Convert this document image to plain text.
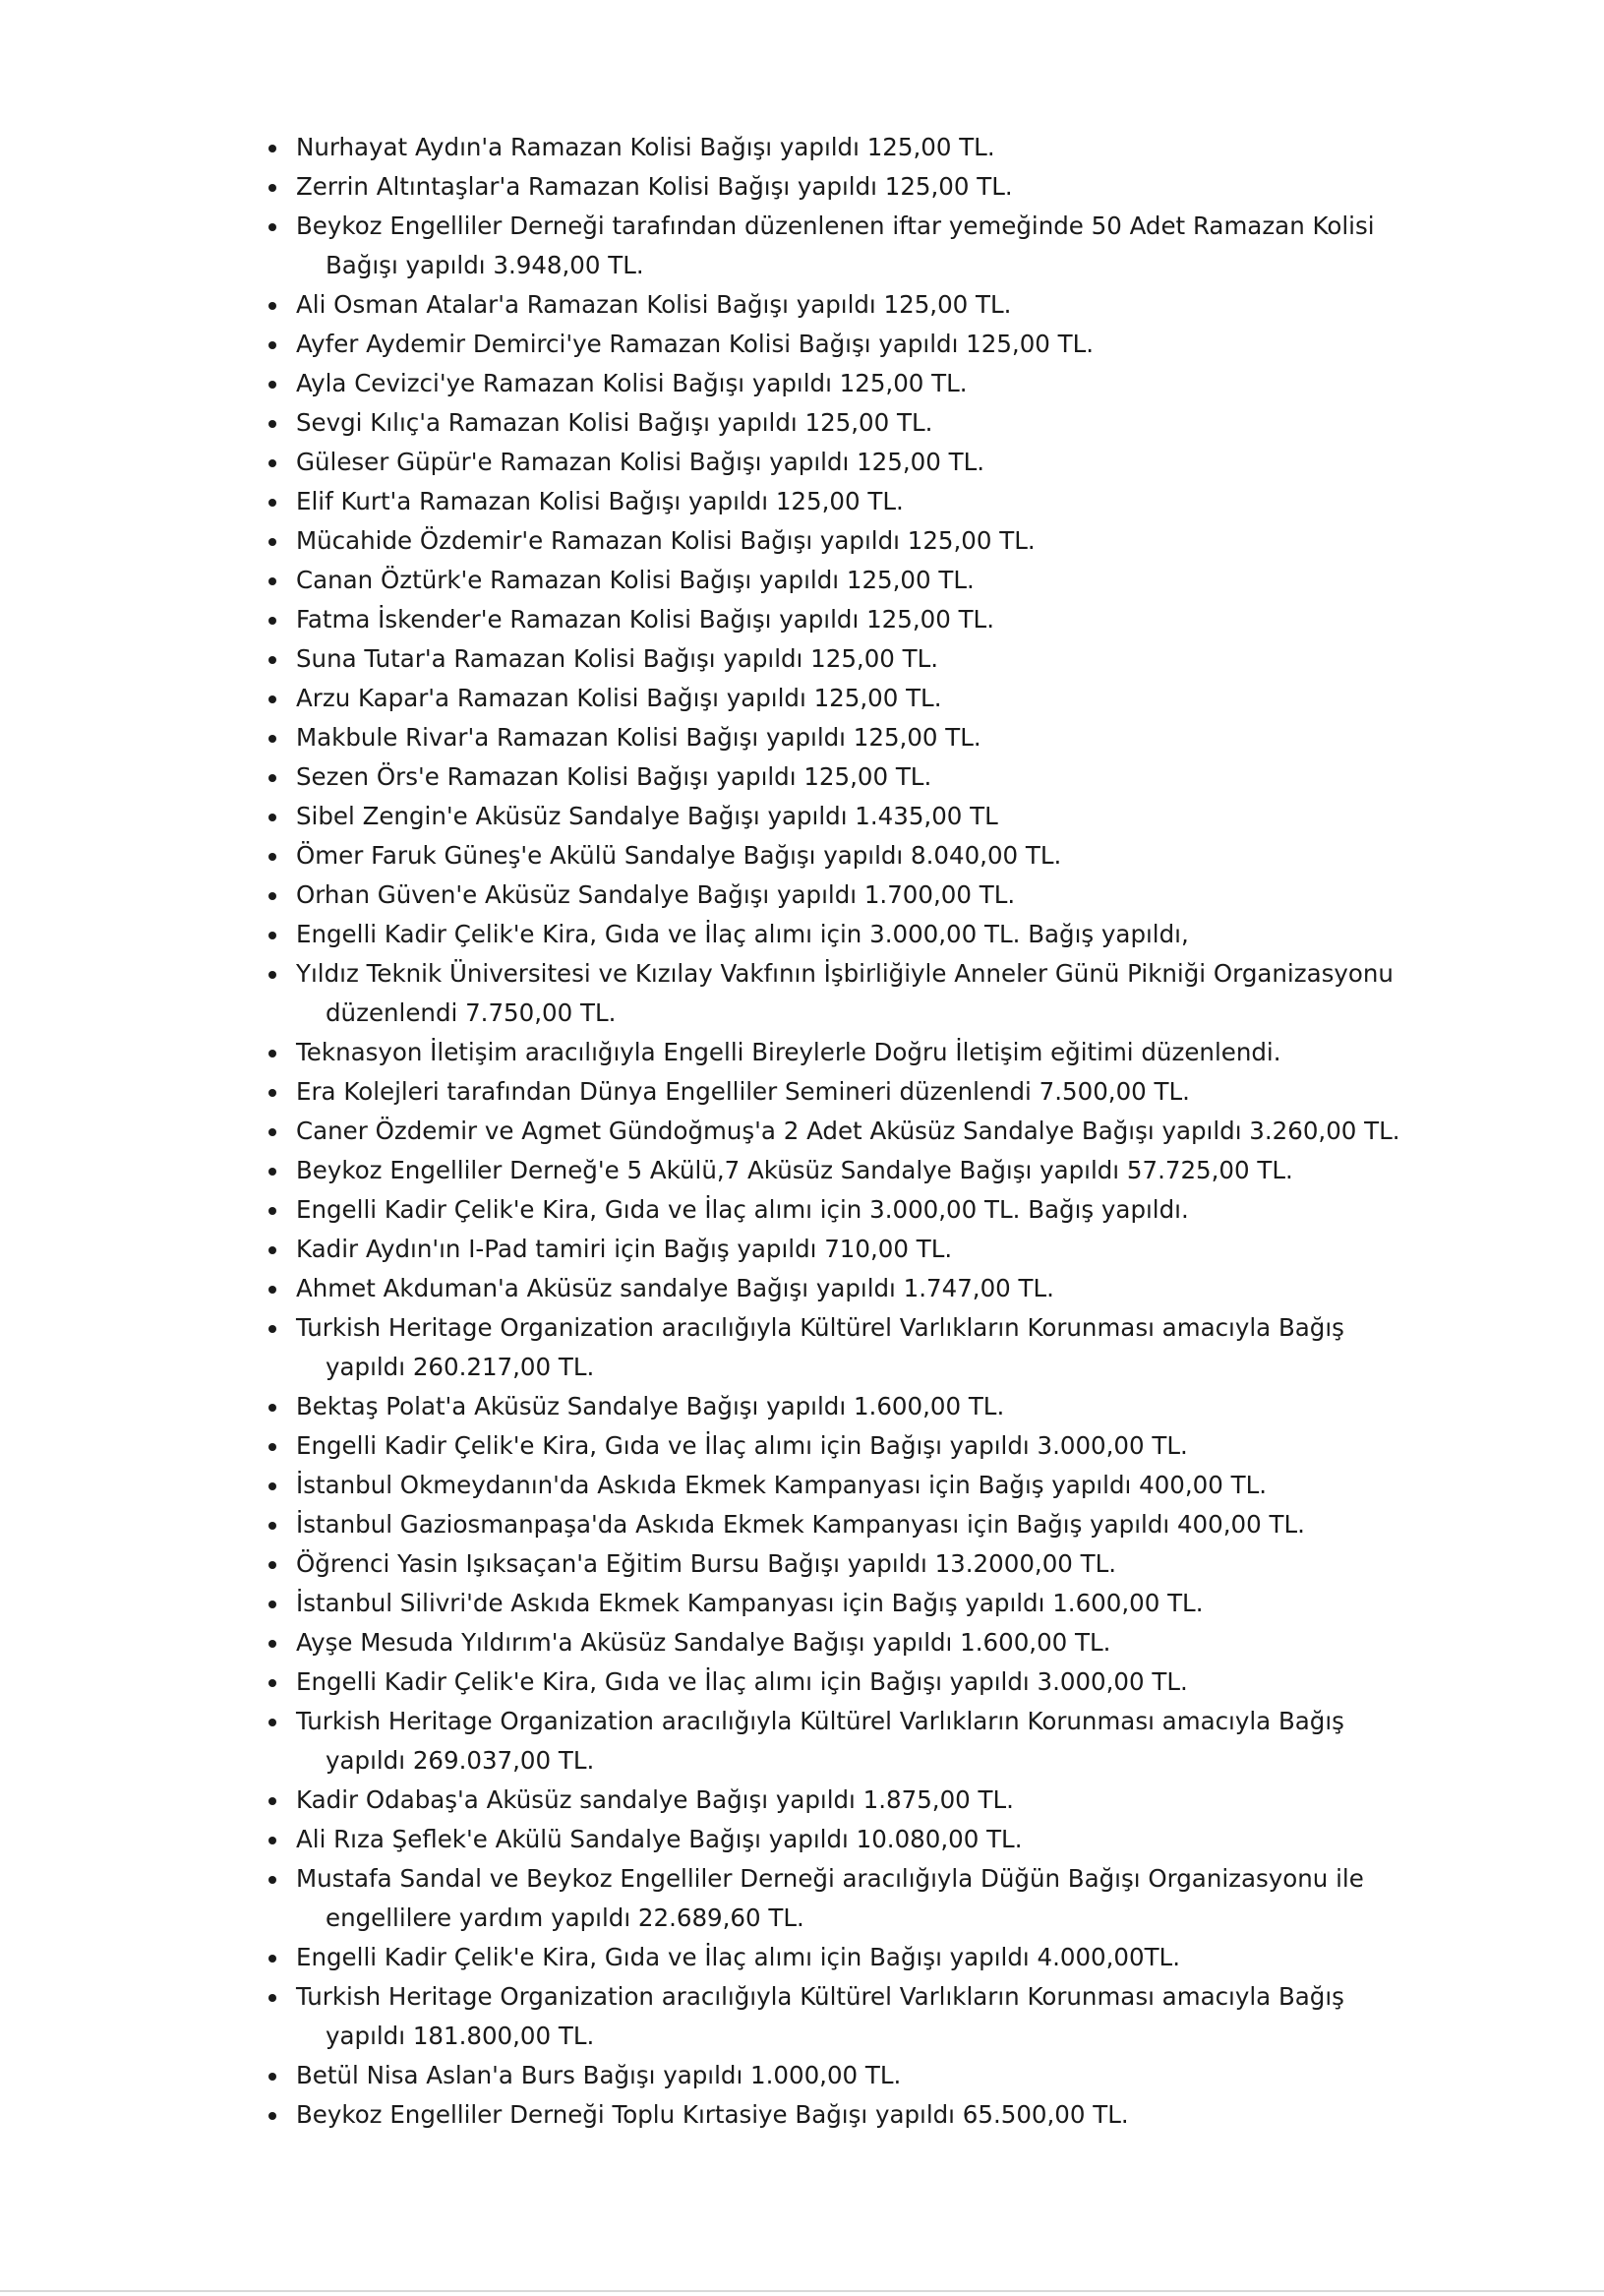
Nurhayat Aydın'a Ramazan Kolisi Bağışı yapıldı 125,00 TL.
Zerrin Altıntaşlar'a Ramazan Kolisi Bağışı yapıldı 125,00 TL.
Beykoz Engelliler Derneği tarafından düzenlenen iftar yemeğinde 50 Adet Ramazan Kolisi
Bağışı yapıldı 3.948,00 TL.
Ali Osman Atalar'a Ramazan Kolisi Bağışı yapıldı 125,00 TL.
Ayfer Aydemir Demirci'ye Ramazan Kolisi Bağışı yapıldı 125,00 TL.
Ayla Cevizci'ye Ramazan Kolisi Bağışı yapıldı 125,00 TL.
Sevgi Kılıç'a Ramazan Kolisi Bağışı yapıldı 125,00 TL.
Güleser Güpür'e Ramazan Kolisi Bağışı yapıldı 125,00 TL.
Elif Kurt'a Ramazan Kolisi Bağışı yapıldı 125,00 TL.
Mücahide Özdemir'e Ramazan Kolisi Bağışı yapıldı 125,00 TL.
Canan Öztürk'e Ramazan Kolisi Bağışı yapıldı 125,00 TL.
Fatma İskender'e Ramazan Kolisi Bağışı yapıldı 125,00 TL.
Suna Tutar'a Ramazan Kolisi Bağışı yapıldı 125,00 TL.
Arzu Kapar'a Ramazan Kolisi Bağışı yapıldı 125,00 TL.
Makbule Rivar'a Ramazan Kolisi Bağışı yapıldı 125,00 TL.
Sezen Örs'e Ramazan Kolisi Bağışı yapıldı 125,00 TL.
Sibel Zengin'e Aküsüz Sandalye Bağışı yapıldı 1.435,00 TL
Ömer Faruk Güneş'e Akülü Sandalye Bağışı yapıldı 8.040,00 TL.
Orhan Güven'e Aküsüz Sandalye Bağışı yapıldı 1.700,00 TL.
Engelli Kadir Çelik'e Kira, Gıda ve İlaç alımı için 3.000,00 TL. Bağış yapıldı,
Yıldız Teknik Üniversitesi ve Kızılay Vakfının İşbirliğiyle Anneler Günü Pikniği Organizasyonu
düzenlendi 7.750,00 TL.
Teknasyon İletişim aracılığıyla Engelli Bireylerle Doğru İletişim eğitimi düzenlendi.
Era Kolejleri tarafından Dünya Engelliler Semineri düzenlendi 7.500,00 TL.
Caner Özdemir ve Agmet Gündoğmuş'a 2 Adet Aküsüz Sandalye Bağışı yapıldı 3.260,00 TL.
Beykoz Engelliler Derneğ'e 5 Akülü,7 Aküsüz Sandalye Bağışı yapıldı 57.725,00 TL.
Engelli Kadir Çelik'e Kira, Gıda ve İlaç alımı için 3.000,00 TL. Bağış yapıldı.
Kadir Aydın'ın I-Pad tamiri için Bağış yapıldı 710,00 TL.
Ahmet Akduman'a Aküsüz sandalye Bağışı yapıldı 1.747,00 TL.
Turkish Heritage Organization aracılığıyla Kültürel Varlıkların Korunması amacıyla Bağış
yapıldı 260.217,00 TL.
Bektaş Polat'a Aküsüz Sandalye Bağışı yapıldı 1.600,00 TL.
Engelli Kadir Çelik'e Kira, Gıda ve İlaç alımı için Bağışı yapıldı 3.000,00 TL.
İstanbul Okmeydanın'da Askıda Ekmek Kampanyası için Bağış yapıldı 400,00 TL.
İstanbul Gaziosmanpaşa'da Askıda Ekmek Kampanyası için Bağış yapıldı 400,00 TL.
Öğrenci Yasin Işıksaçan'a Eğitim Bursu Bağışı yapıldı 13.2000,00 TL.
İstanbul Silivri'de Askıda Ekmek Kampanyası için Bağış yapıldı 1.600,00 TL.
Ayşe Mesuda Yıldırım'a Aküsüz Sandalye Bağışı yapıldı 1.600,00 TL.
Engelli Kadir Çelik'e Kira, Gıda ve İlaç alımı için Bağışı yapıldı 3.000,00 TL.
Turkish Heritage Organization aracılığıyla Kültürel Varlıkların Korunması amacıyla Bağış
yapıldı 269.037,00 TL.
Kadir Odabaş'a Aküsüz sandalye Bağışı yapıldı 1.875,00 TL.
Ali Rıza Şeflek'e Akülü Sandalye Bağışı yapıldı 10.080,00 TL.
Mustafa Sandal ve Beykoz Engelliler Derneği aracılığıyla Düğün Bağışı Organizasyonu ile
engellilere yardım yapıldı 22.689,60 TL.
Engelli Kadir Çelik'e Kira, Gıda ve İlaç alımı için Bağışı yapıldı 4.000,00TL.
Turkish Heritage Organization aracılığıyla Kültürel Varlıkların Korunması amacıyla Bağış
yapıldı 181.800,00 TL.
Betül Nisa Aslan'a Burs Bağışı yapıldı 1.000,00 TL.
Beykoz Engelliler Derneği Toplu Kırtasiye Bağışı yapıldı 65.500,00 TL.
